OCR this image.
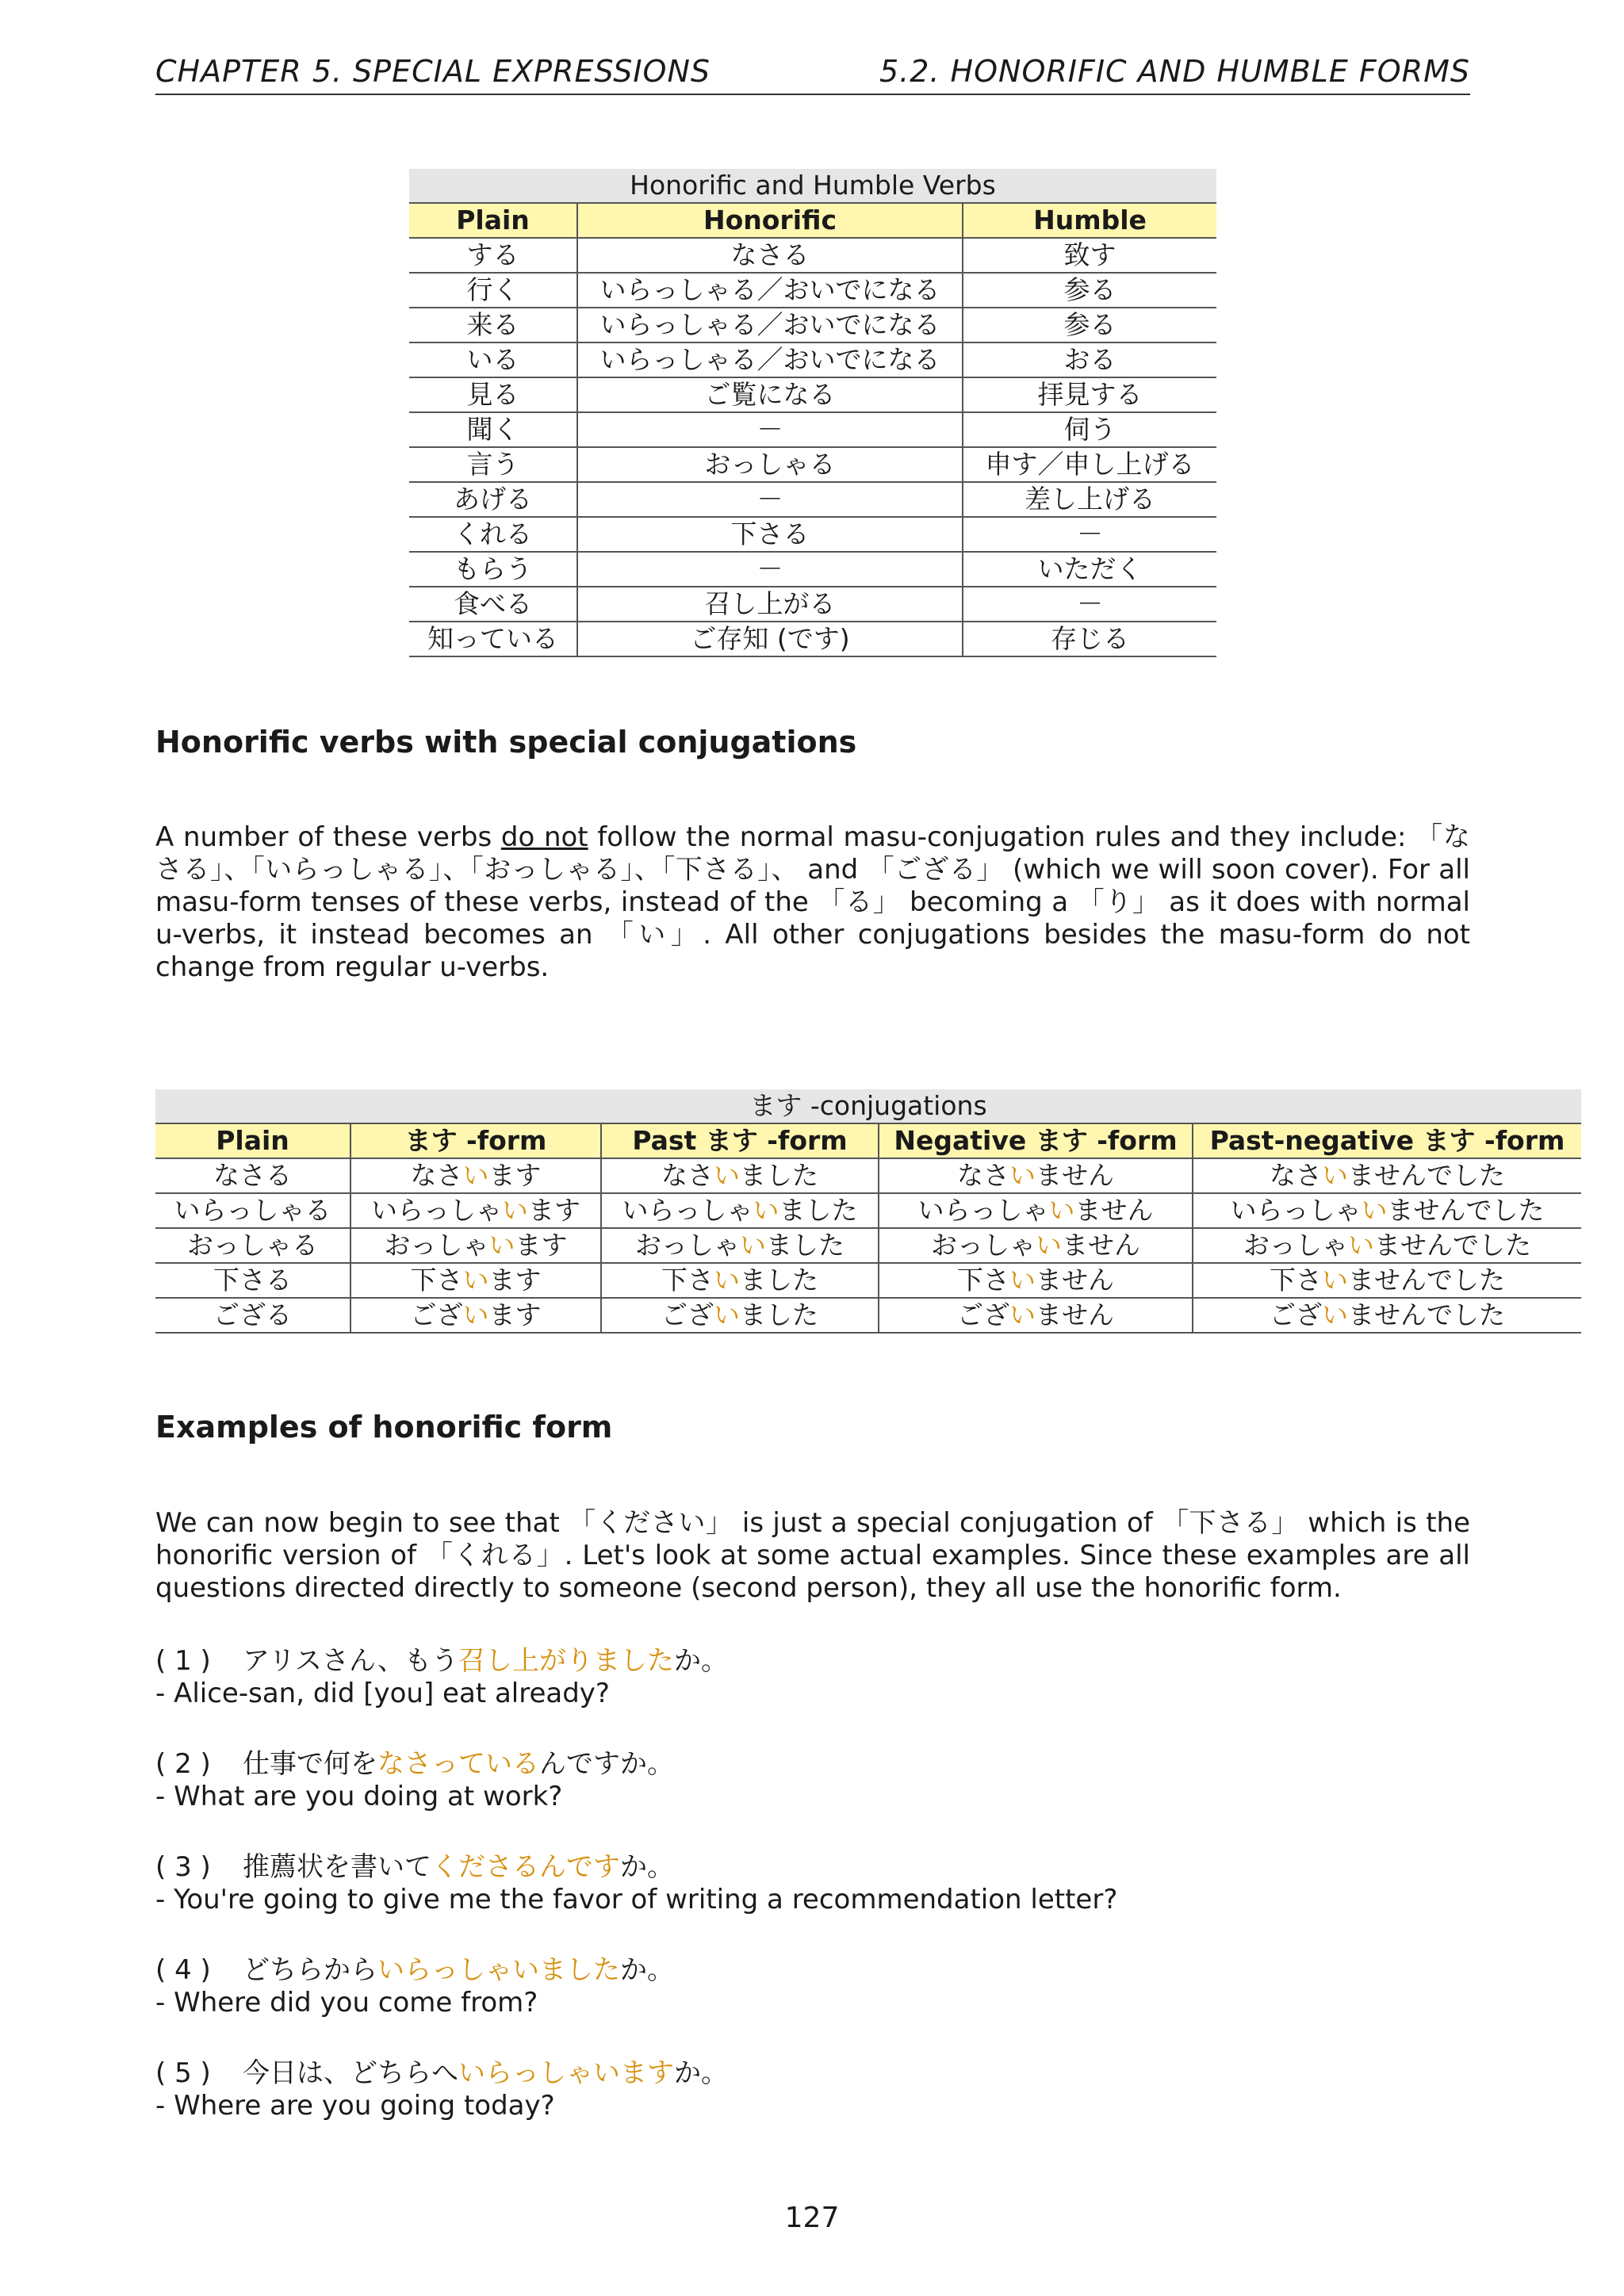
CHAPTER 5. SPECIAL EXPRESSIONS	5.2. HONORIFIC AND HUMBLE FORMS
Honorific and Humble Verbs		
Plain	Honorific	Humble
する	なさる	致す
行く	いらっしゃる／おいでになる	参る
来る	いらっしゃる／おいでになる	参る
いる	いらっしゃる／おいでになる	おる
見る	ご覧になる	拝見する
聞く	－	伺う
言う	おっしゃる	申す／申し上げる
あげる	－	差し上げる
くれる	下さる	－
もらう	－	いただく
食べる	召し上がる	－
知っている	ご存知 (です)	存じる
Honorific verbs with special conjugations
A number of these verbs do not follow the normal masu-conjugation rules and they include: 「なさる」、「いらっしゃる」、「おっしゃる」、「下さる」、 and 「ござる」 (which we will soon cover). For all masu-form tenses of these verbs, instead of the 「る」 becoming a 「り」 as it does with normal u-verbs, it instead becomes an 「い」. All other conjugations besides the masu-form do not change from regular u-verbs.
ます -conjugations				
Plain	ます -form	Past ます -form	Negative ます -form	Past-negative ます -form
なさる	なさいます	なさいました	なさいません	なさいませんでした
いらっしゃる	いらっしゃいます	いらっしゃいました	いらっしゃいません	いらっしゃいませんでした
おっしゃる	おっしゃいます	おっしゃいました	おっしゃいません	おっしゃいませんでした
下さる	下さいます	下さいました	下さいません	下さいませんでした
ござる	ございます	ございました	ございません	ございませんでした
Examples of honorific form
We can now begin to see that 「ください」 is just a special conjugation of 「下さる」 which is the honorific version of 「くれる」. Let's look at some actual examples. Since these examples are all questions directed directly to someone (second person), they all use the honorific form.
( 1 ) アリスさん、もう召し上がりましたか。
- Alice-san, did [you] eat already?
( 2 ) 仕事で何をなさっているんですか。
- What are you doing at work?
( 3 ) 推薦状を書いてくださるんですか。
- You're going to give me the favor of writing a recommendation letter?
( 4 ) どちらからいらっしゃいましたか。
- Where did you come from?
( 5 ) 今日は、どちらへいらっしゃいますか。
- Where are you going today?
127
